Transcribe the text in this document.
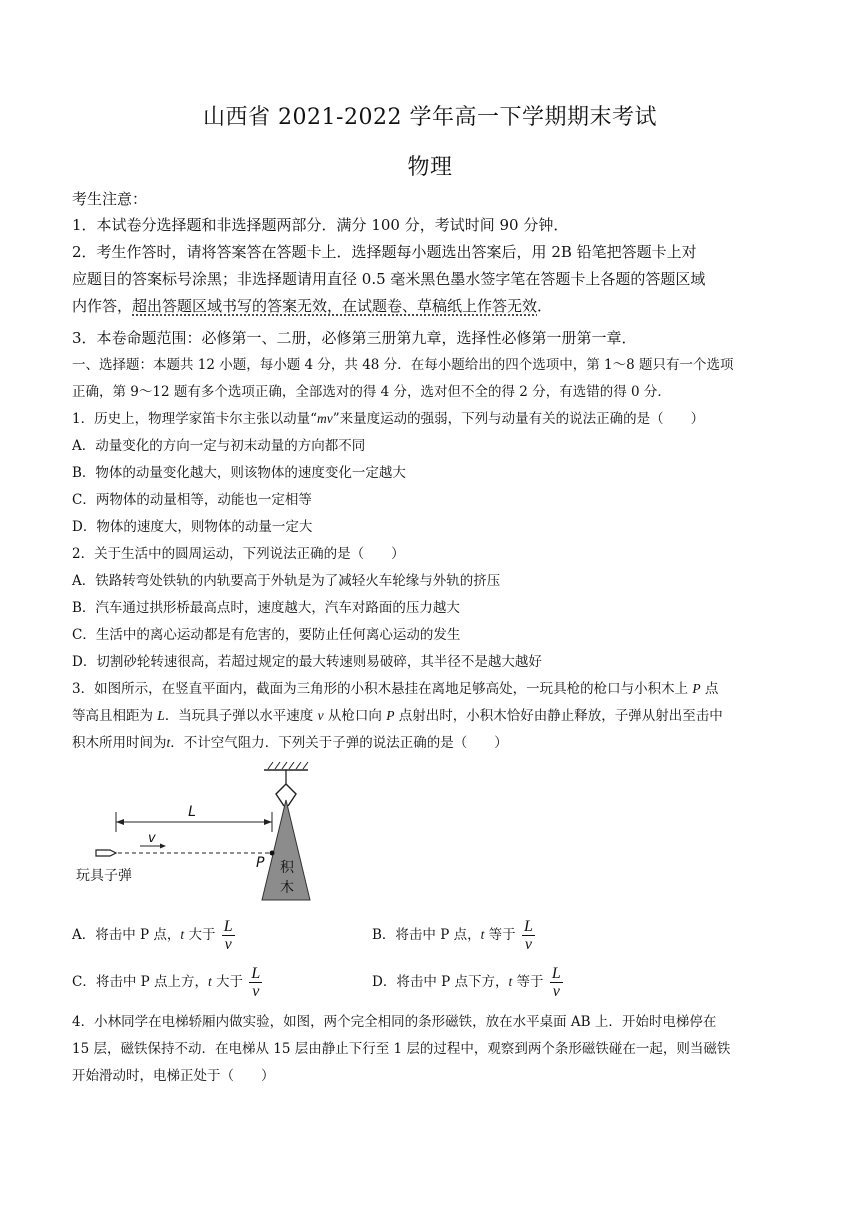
山西省 2021-2022 学年高一下学期期末考试
物理
考生注意：
1．本试卷分选择题和非选择题两部分．满分 100 分，考试时间 90 分钟．
2．考生作答时，请将答案答在答题卡上．选择题每小题选出答案后，用 2B 铅笔把答题卡上对
应题目的答案标号涂黑；非选择题请用直径 0.5 毫米黑色墨水签字笔在答题卡上各题的答题区域
内作答，超出答题区域书写的答案无效，在试题卷、草稿纸上作答无效．
3．本卷命题范围：必修第一、二册，必修第三册第九章，选择性必修第一册第一章．
一、选择题：本题共 12 小题，每小题 4 分，共 48 分．在每小题给出的四个选项中，第 1～8 题只有一个选项
正确，第 9～12 题有多个选项正确，全部选对的得 4 分，选对但不全的得 2 分，有选错的得 0 分．
1．历史上，物理学家笛卡尔主张以动量“mv”来量度运动的强弱，下列与动量有关的说法正确的是（　　）
A．动量变化的方向一定与初末动量的方向都不同
B．物体的动量变化越大，则该物体的速度变化一定越大
C．两物体的动量相等，动能也一定相等
D．物体的速度大，则物体的动量一定大
2．关于生活中的圆周运动，下列说法正确的是（　　）
A．铁路转弯处铁轨的内轨要高于外轨是为了减轻火车轮缘与外轨的挤压
B．汽车通过拱形桥最高点时，速度越大，汽车对路面的压力越大
C．生活中的离心运动都是有危害的，要防止任何离心运动的发生
D．切割砂轮转速很高，若超过规定的最大转速则易破碎，其半径不是越大越好
3．如图所示，在竖直平面内，截面为三角形的小积木悬挂在离地足够高处，一玩具枪的枪口与小积木上 P 点
等高且相距为 L．当玩具子弹以水平速度 v 从枪口向 P 点射出时，小积木恰好由静止释放，子弹从射出至击中
积木所用时间为t．不计空气阻力．下列关于子弹的说法正确的是（　　）
积
木
P
L
v
玩具子弹
A．将击中 P 点，t 大于 $\frac{L}{v}$	B．将击中 P 点，t 等于 $\frac{L}{v}$
C．将击中 P 点上方，t 大于 $\frac{L}{v}$	D．将击中 P 点下方，t 等于 $\frac{L}{v}$
4．小林同学在电梯轿厢内做实验，如图，两个完全相同的条形磁铁，放在水平桌面 AB 上．开始时电梯停在
15 层，磁铁保持不动．在电梯从 15 层由静止下行至 1 层的过程中，观察到两个条形磁铁碰在一起，则当磁铁
开始滑动时，电梯正处于（　　）
